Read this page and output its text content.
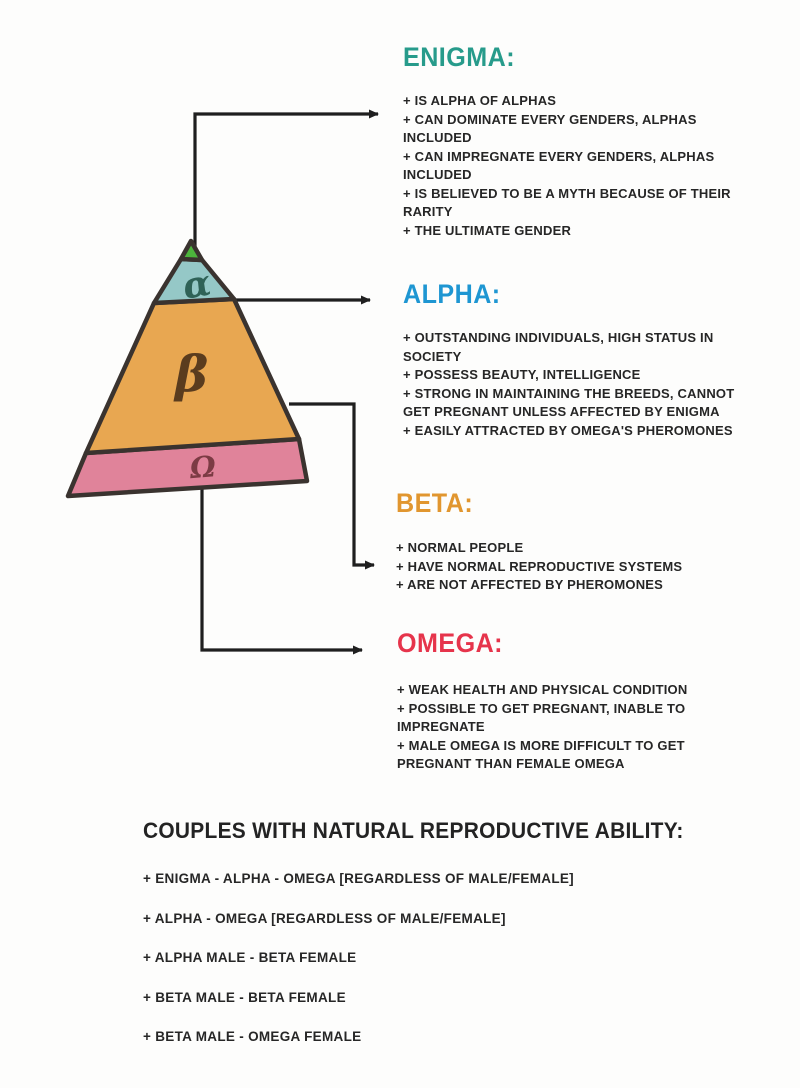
α
β
Ω
ENIGMA:
+ IS ALPHA OF ALPHAS
+ CAN DOMINATE EVERY GENDERS, ALPHAS INCLUDED
+ CAN IMPREGNATE EVERY GENDERS, ALPHAS INCLUDED
+ IS BELIEVED TO BE A MYTH BECAUSE OF THEIR RARITY
+ THE ULTIMATE GENDER
ALPHA:
+ OUTSTANDING INDIVIDUALS, HIGH STATUS IN SOCIETY
+ POSSESS BEAUTY, INTELLIGENCE
+ STRONG IN MAINTAINING THE BREEDS, CANNOT GET PREGNANT UNLESS AFFECTED BY ENIGMA
+ EASILY ATTRACTED BY OMEGA'S PHEROMONES
BETA:
+ NORMAL PEOPLE
+ HAVE NORMAL REPRODUCTIVE SYSTEMS
+ ARE NOT AFFECTED BY PHEROMONES
OMEGA:
+ WEAK HEALTH AND PHYSICAL CONDITION
+ POSSIBLE TO GET PREGNANT, INABLE TO IMPREGNATE
+ MALE OMEGA IS MORE DIFFICULT TO GET PREGNANT THAN FEMALE OMEGA
COUPLES WITH NATURAL REPRODUCTIVE ABILITY:
+ ENIGMA - ALPHA - OMEGA [REGARDLESS OF MALE/FEMALE]
+ ALPHA - OMEGA [REGARDLESS OF MALE/FEMALE]
+ ALPHA MALE - BETA FEMALE
+ BETA MALE - BETA FEMALE
+ BETA MALE - OMEGA FEMALE
